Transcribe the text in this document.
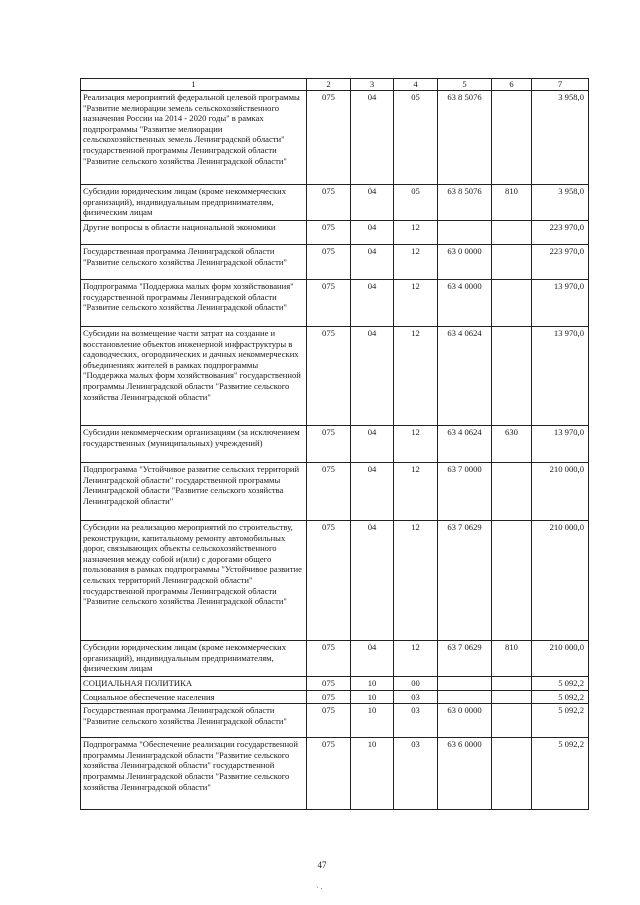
1	2	3	4	5	6	7
Реализация мероприятий федеральной целевой программы "Развитие мелиорации земель сельскохозяйственного назначения России на 2014 - 2020 годы" в рамках подпрограммы "Развитие мелиорации сельскохозяйственных земель Ленинградской области" государственной программы Ленинградской области "Развитие сельского хозяйства Ленинградской области"	075	04	05	63 8 5076		3 958,0
Субсидии юридическим лицам (кроме некоммерческих организаций), индивидуальным предпринимателям, физическим лицам	075	04	05	63 8 5076	810	3 958,0
Другие вопросы в области национальной экономики	075	04	12			223 970,0
Государственная программа Ленинградской области "Развитие сельского хозяйства Ленинградской области"	075	04	12	63 0 0000		223 970,0
Подпрограмма "Поддержка малых форм хозяйствования" государственной программы Ленинградской области "Развитие сельского хозяйства Ленинградской области"	075	04	12	63 4 0000		13 970,0
Субсидии на возмещение части затрат на создание и восстановление объектов инженерной инфраструктуры в садоводческих, огороднических и дачных некоммерческих объединениях жителей в рамках подпрограммы "Поддержка малых форм хозяйствования" государственной программы Ленинградской области "Развитие сельского хозяйства Ленинградской области"	075	04	12	63 4 0624		13 970,0
Субсидии некоммерческим организациям (за исключением государственных (муниципальных) учреждений)	075	04	12	63 4 0624	630	13 970,0
Подпрограмма "Устойчивое развитие сельских территорий Ленинградской области" государственной программы Ленинградской области "Развитие сельского хозяйства Ленинградской области"	075	04	12	63 7 0000		210 000,0
Субсидии на реализацию мероприятий по строительству, реконструкции, капитальному ремонту автомобильных дорог, связывающих объекты сельскохозяйственного назначения между собой и(или) с дорогами общего пользования в рамках подпрограммы "Устойчивое развитие сельских территорий Ленинградской области" государственной программы Ленинградской области "Развитие сельского хозяйства Ленинградской области"	075	04	12	63 7 0629		210 000,0
Субсидии юридическим лицам (кроме некоммерческих организаций), индивидуальным предпринимателям, физическим лицам	075	04	12	63 7 0629	810	210 000,0
СОЦИАЛЬНАЯ ПОЛИТИКА	075	10	00			5 092,2
Социальное обеспечение населения	075	10	03			5 092,2
Государственная программа Ленинградской области "Развитие сельского хозяйства Ленинградской области"	075	10	03	63 0 0000		5 092,2
Подпрограмма "Обеспечение реализации государственной программы Ленинградской области "Развитие сельского хозяйства Ленинградской области" государственной программы Ленинградской области "Развитие сельского хозяйства Ленинградской области"	075	10	03	63 6 0000		5 092,2
47
˴ .
